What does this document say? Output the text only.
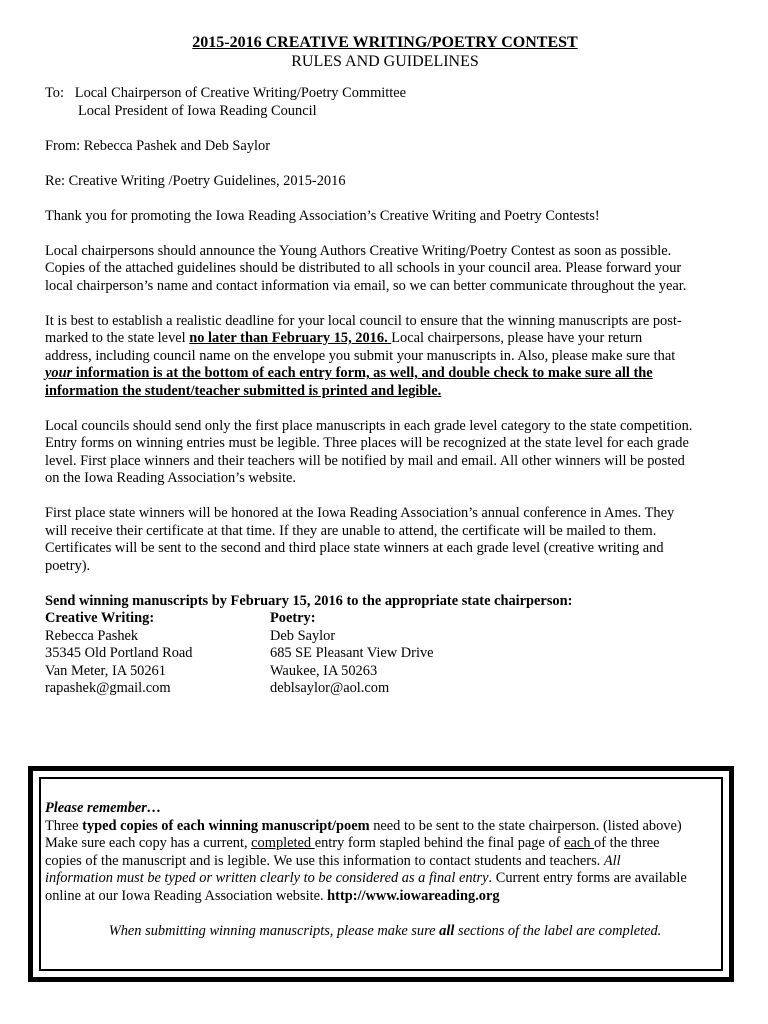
2015-2016 CREATIVE WRITING/POETRY CONTEST
RULES AND GUIDELINES
To: Local Chairperson of Creative Writing/Poetry Committee
Local President of Iowa Reading Council
From: Rebecca Pashek and Deb Saylor
Re: Creative Writing /Poetry Guidelines, 2015-2016
Thank you for promoting the Iowa Reading Association’s Creative Writing and Poetry Contests!
Local chairpersons should announce the Young Authors Creative Writing/Poetry Contest as soon as possible.
Copies of the attached guidelines should be distributed to all schools in your council area. Please forward your
local chairperson’s name and contact information via email, so we can better communicate throughout the year.
It is best to establish a realistic deadline for your local council to ensure that the winning manuscripts are post-
marked to the state level no later than February 15, 2016. Local chairpersons, please have your return
address, including council name on the envelope you submit your manuscripts in. Also, please make sure that
your information is at the bottom of each entry form, as well, and double check to make sure all the
information the student/teacher submitted is printed and legible.
Local councils should send only the first place manuscripts in each grade level category to the state competition.
Entry forms on winning entries must be legible. Three places will be recognized at the state level for each grade
level. First place winners and their teachers will be notified by mail and email. All other winners will be posted
on the Iowa Reading Association’s website.
First place state winners will be honored at the Iowa Reading Association’s annual conference in Ames. They
will receive their certificate at that time. If they are unable to attend, the certificate will be mailed to them.
Certificates will be sent to the second and third place state winners at each grade level (creative writing and
poetry).
Send winning manuscripts by February 15, 2016 to the appropriate state chairperson:
Creative Writing:
Rebecca Pashek
35345 Old Portland Road
Van Meter, IA 50261
rapashek@gmail.com
Poetry:
Deb Saylor
685 SE Pleasant View Drive
Waukee, IA 50263
deblsaylor@aol.com
Please remember…
Three typed copies of each winning manuscript/poem need to be sent to the state chairperson. (listed above)
Make sure each copy has a current, completed entry form stapled behind the final page of each of the three
copies of the manuscript and is legible. We use this information to contact students and teachers. All
information must be typed or written clearly to be considered as a final entry. Current entry forms are available
online at our Iowa Reading Association website. http://www.iowareading.org
When submitting winning manuscripts, please make sure all sections of the label are completed.
